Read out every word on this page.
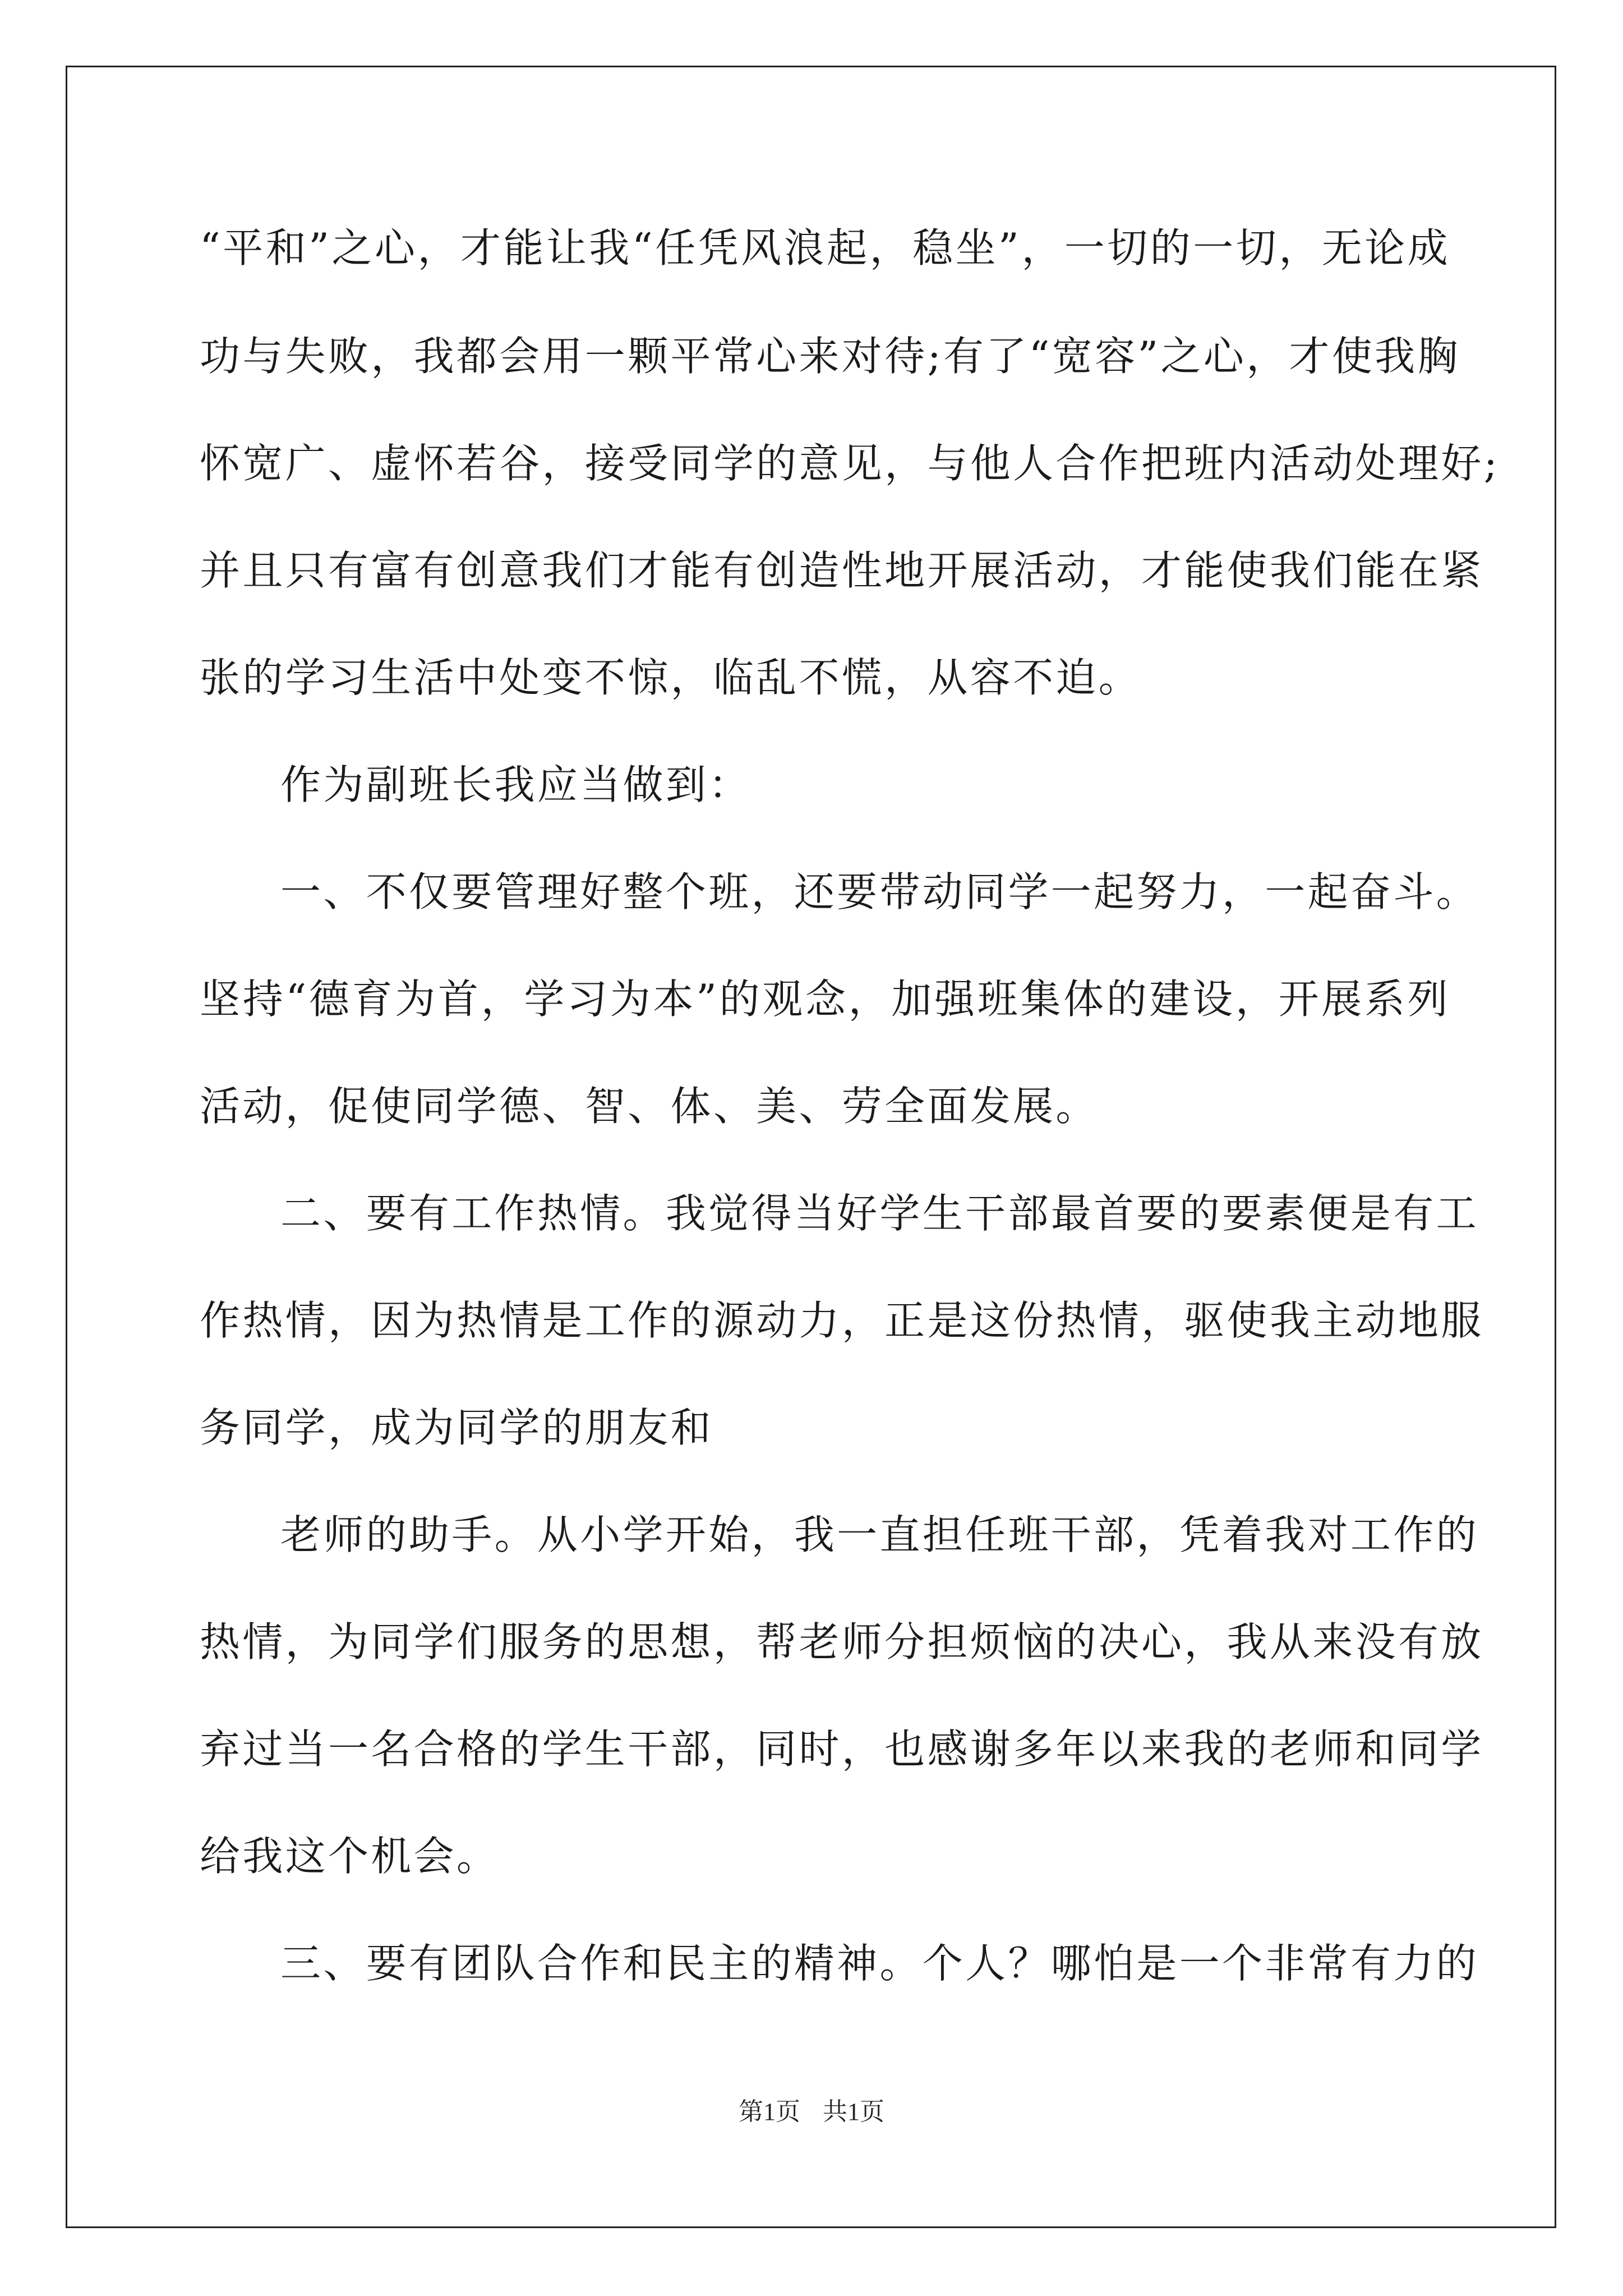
“平和”之心，才能让我“任凭风浪起，稳坐”，一切的一切，无论成
功与失败，我都会用一颗平常心来对待;有了“宽容”之心，才使我胸
怀宽广、虚怀若谷，接受同学的意见，与他人合作把班内活动处理好;
并且只有富有创意我们才能有创造性地开展活动，才能使我们能在紧
张的学习生活中处变不惊，临乱不慌，从容不迫。
作为副班长我应当做到：
一、不仅要管理好整个班，还要带动同学一起努力，一起奋斗。
坚持“德育为首，学习为本”的观念，加强班集体的建设，开展系列
活动，促使同学德、智、体、美、劳全面发展。
二、要有工作热情。我觉得当好学生干部最首要的要素便是有工
作热情，因为热情是工作的源动力，正是这份热情，驱使我主动地服
务同学，成为同学的朋友和
老师的助手。从小学开始，我一直担任班干部，凭着我对工作的
热情，为同学们服务的思想，帮老师分担烦恼的决心，我从来没有放
弃过当一名合格的学生干部，同时，也感谢多年以来我的老师和同学
给我这个机会。
三、要有团队合作和民主的精神。个人？哪怕是一个非常有力的
第1页 共1页
